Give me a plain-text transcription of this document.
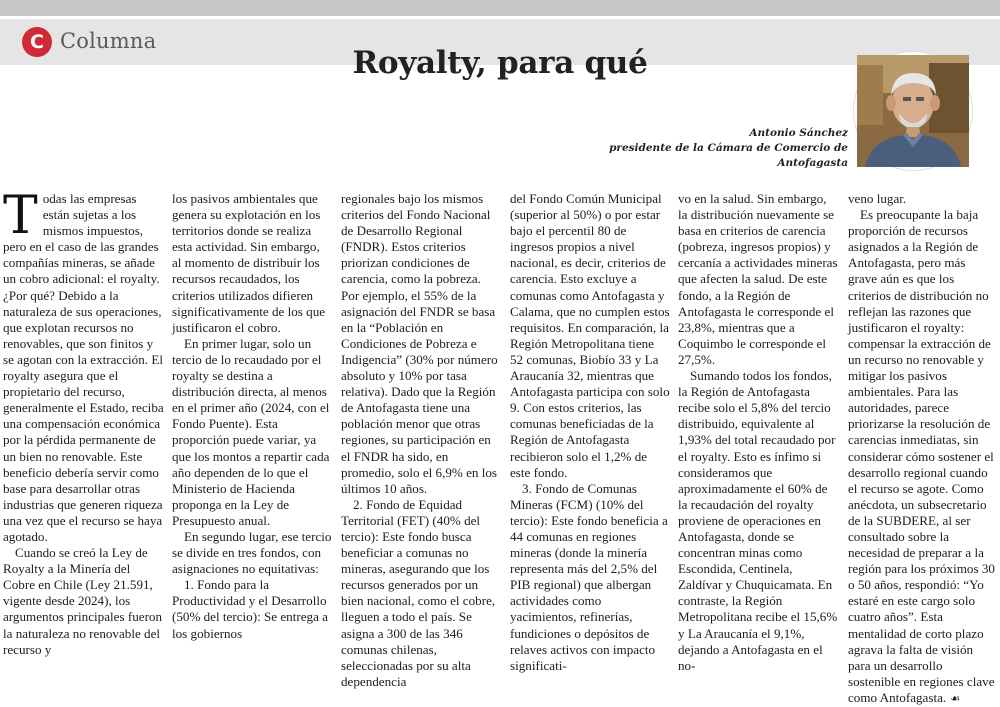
C Columna
Royalty, para qué
Antonio Sánchez
presidente de la Cámara de Comercio de
Antofagasta

Todas las empresas están sujetas a los mismos impuestos, pero en el caso de las grandes compañías mineras, se añade un cobro adicional: el royalty. ¿Por qué? Debido a la naturaleza de sus operaciones, que explotan recursos no renovables, que son finitos y se agotan con la extracción. El royalty asegura que el propietario del recurso, generalmente el Estado, reciba una compensación económica por la pérdida permanente de un bien no renovable. Este beneficio debería servir como base para desarrollar otras industrias que generen riqueza una vez que el recurso se haya agotado.

Cuando se creó la Ley de Royalty a la Minería del Cobre en Chile (Ley 21.591, vigente desde 2024), los argumentos principales fueron la naturaleza no renovable del recurso y

los pasivos ambientales que genera su explotación en los territorios donde se realiza esta actividad. Sin embargo, al momento de distribuir los recursos recaudados, los criterios utilizados difieren significativamente de los que justificaron el cobro.

En primer lugar, solo un tercio de lo recaudado por el royalty se destina a distribución directa, al menos en el primer año (2024, con el Fondo Puente). Esta proporción puede variar, ya que los montos a repartir cada año dependen de lo que el Ministerio de Hacienda proponga en la Ley de Presupuesto anual.

En segundo lugar, ese tercio se divide en tres fondos, con asignaciones no equitativas:

1. Fondo para la Productividad y el Desarrollo (50% del tercio): Se entrega a los gobiernos

regionales bajo los mismos criterios del Fondo Nacional de Desarrollo Regional (FNDR). Estos criterios priorizan condiciones de carencia, como la pobreza. Por ejemplo, el 55% de la asignación del FNDR se basa en la “Población en Condiciones de Pobreza e Indigencia” (30% por número absoluto y 10% por tasa relativa). Dado que la Región de Antofagasta tiene una población menor que otras regiones, su participación en el FNDR ha sido, en promedio, solo el 6,9% en los últimos 10 años.

2. Fondo de Equidad Territorial (FET) (40% del tercio): Este fondo busca beneficiar a comunas no mineras, asegurando que los recursos generados por un bien nacional, como el cobre, lleguen a todo el país. Se asigna a 300 de las 346 comunas chilenas, seleccionadas por su alta dependencia

del Fondo Común Municipal (superior al 50%) o por estar bajo el percentil 80 de ingresos propios a nivel nacional, es decir, criterios de carencia. Esto excluye a comunas como Antofagasta y Calama, que no cumplen estos requisitos. En comparación, la Región Metropolitana tiene 52 comunas, Biobío 33 y La Araucanía 32, mientras que Antofagasta participa con solo 9. Con estos criterios, las comunas beneficiadas de la Región de Antofagasta recibieron solo el 1,2% de este fondo.

3. Fondo de Comunas Mineras (FCM) (10% del tercio): Este fondo beneficia a 44 comunas en regiones mineras (donde la minería representa más del 2,5% del PIB regional) que albergan actividades como yacimientos, refinerías, fundiciones o depósitos de relaves activos con impacto significati-

vo en la salud. Sin embargo, la distribución nuevamente se basa en criterios de carencia (pobreza, ingresos propios) y cercanía a actividades mineras que afecten la salud. De este fondo, a la Región de Antofagasta le corresponde el 23,8%, mientras que a Coquimbo le corresponde el 27,5%.

Sumando todos los fondos, la Región de Antofagasta recibe solo el 5,8% del tercio distribuido, equivalente al 1,93% del total recaudado por el royalty. Esto es ínfimo si consideramos que aproximadamente el 60% de la recaudación del royalty proviene de operaciones en Antofagasta, donde se concentran minas como Escondida, Centinela, Zaldívar y Chuquicamata. En contraste, la Región Metropolitana recibe el 15,6% y La Araucanía el 9,1%, dejando a Antofagasta en el no-

veno lugar.

Es preocupante la baja proporción de recursos asignados a la Región de Antofagasta, pero más grave aún es que los criterios de distribución no reflejan las razones que justificaron el royalty: compensar la extracción de un recurso no renovable y mitigar los pasivos ambientales. Para las autoridades, parece priorizarse la resolución de carencias inmediatas, sin considerar cómo sostener el desarrollo regional cuando el recurso se agote. Como anécdota, un subsecretario de la SUBDERE, al ser consultado sobre la necesidad de preparar a la región para los próximos 30 o 50 años, respondió: “Yo estaré en este cargo solo cuatro años”. Esta mentalidad de corto plazo agrava la falta de visión para un desarrollo sostenible en regiones clave como Antofagasta. ☙
